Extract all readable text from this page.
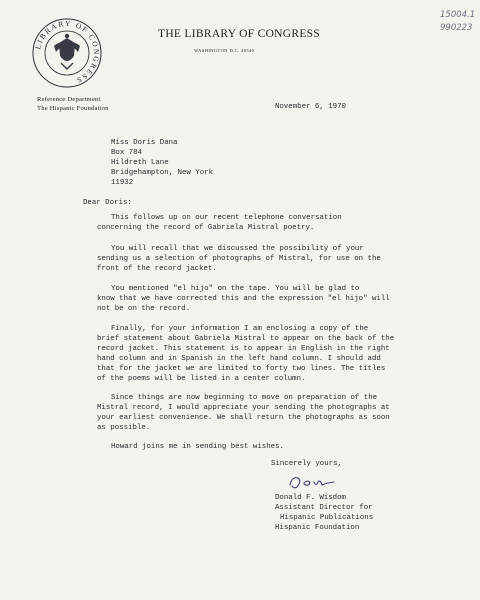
LIBRARY OF CONGRESS
THE LIBRARY OF CONGRESS
WASHINGTON D.C. 20540
15004.1
990223
Reference Department
The Hispanic Foundation	November 6, 1970
Miss Doris Dana
Box 784
Hildreth Lane
Bridgehampton, New York
11932
Dear Doris:
This follows up on our recent telephone conversation
concerning the record of Gabriela Mistral poetry.
You will recall that we discussed the possibility of your
sending us a selection of photographs of Mistral, for use on the
front of the record jacket.
You mentioned "el hijo" on the tape. You will be glad to
know that we have corrected this and the expression "el hijo" will
not be on the record.
Finally, for your information I am enclosing a copy of the
brief statement about Gabriela Mistral to appear on the back of the
record jacket. This statement is to appear in English in the right
hand column and in Spanish in the left hand column. I should add
that for the jacket we are limited to forty two lines. The titles
of the poems will be listed in a center column.
Since things are now beginning to move on preparation of the
Mistral record, I would appreciate your sending the photographs at
your earliest convenience. We shall return the photographs as soon
as possible.
Howard joins me in sending best wishes.
Sincerely yours,
Donald F. Wisdom
Assistant Director for
Hispanic Publications
Hispanic Foundation
